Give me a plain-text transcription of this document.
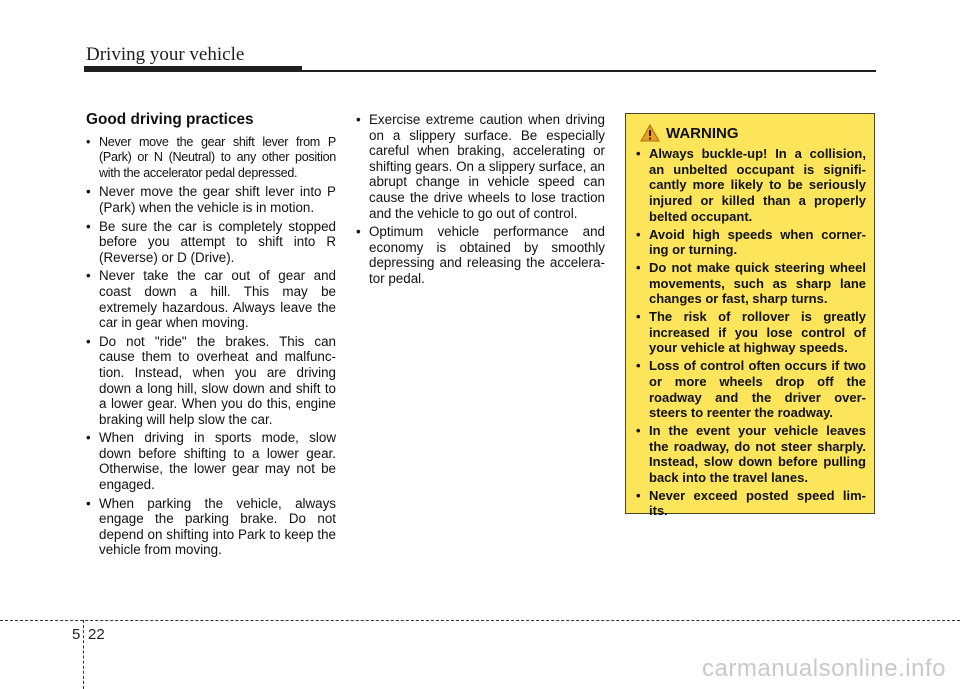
Driving your vehicle
Good driving practices
• Never move the gear shift lever from P (Park) or N (Neutral) to any other position with the accelerator pedal depressed.
• Never move the gear shift lever into P (Park) when the vehicle is in motion.
• Be sure the car is completely stopped before you attempt to shift into R (Reverse) or D (Drive).
• Never take the car out of gear and coast down a hill. This may be extremely hazardous. Always leave the car in gear when moving.
• Do not "ride" the brakes. This can cause them to overheat and malfunc- tion. Instead, when you are driving down a long hill, slow down and shift to a lower gear. When you do this, engine braking will help slow the car.
• When driving in sports mode, slow down before shifting to a lower gear. Otherwise, the lower gear may not be engaged.
• When parking the vehicle, always engage the parking brake. Do not depend on shifting into Park to keep the vehicle from moving.
• Exercise extreme caution when driving on a slippery surface. Be especially careful when braking, accelerating or shifting gears. On a slippery surface, an abrupt change in vehicle speed can cause the drive wheels to lose traction and the vehicle to go out of control.
• Optimum vehicle performance and economy is obtained by smoothly depressing and releasing the accelera- tor pedal.
WARNING
• Always buckle-up! In a collision, an unbelted occupant is signifi- cantly more likely to be seriously injured or killed than a properly belted occupant.
• Avoid high speeds when corner- ing or turning.
• Do not make quick steering wheel movements, such as sharp lane changes or fast, sharp turns.
• The risk of rollover is greatly increased if you lose control of your vehicle at highway speeds.
• Loss of control often occurs if two or more wheels drop off the roadway and the driver over- steers to reenter the roadway.
• In the event your vehicle leaves the roadway, do not steer sharply. Instead, slow down before pulling back into the travel lanes.
• Never exceed posted speed lim- its.
5 22
carmanualsonline.info
